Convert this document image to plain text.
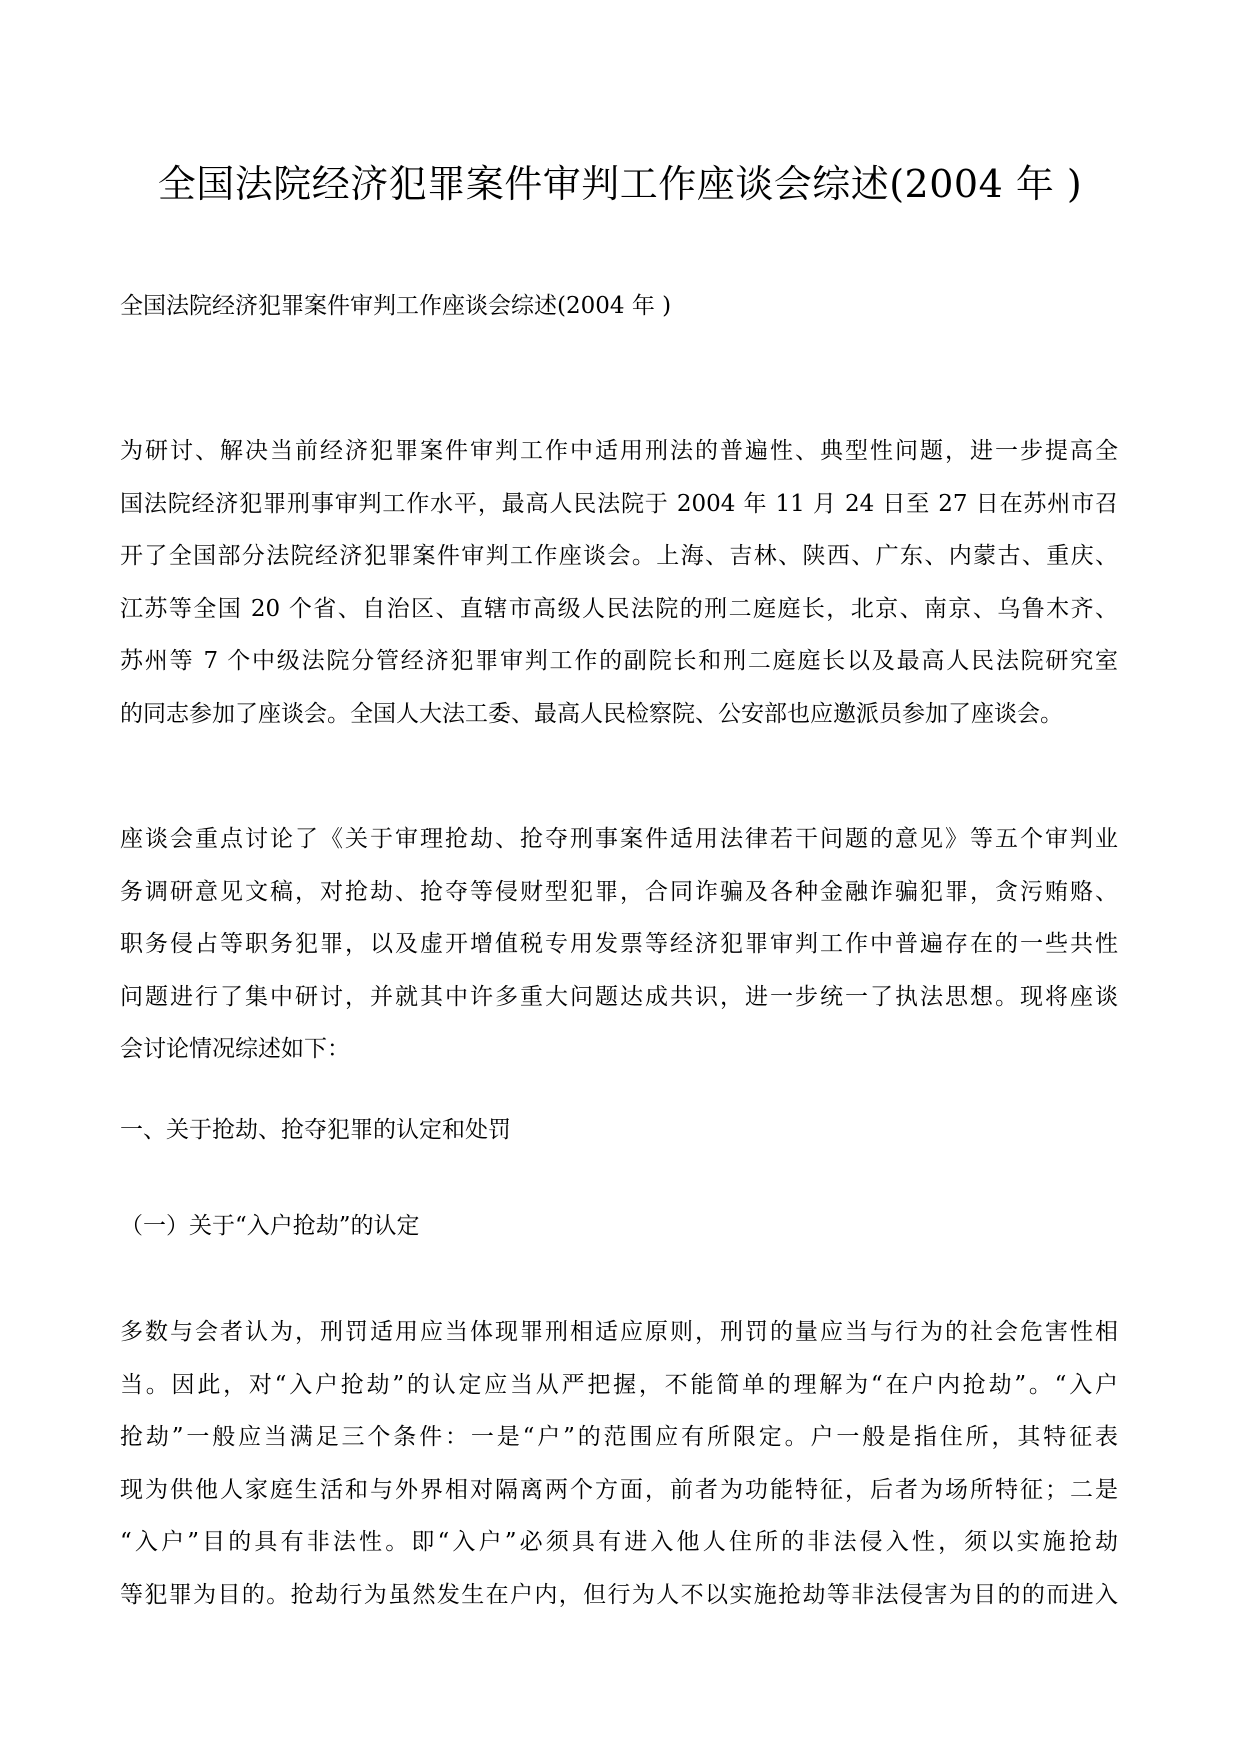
全国法院经济犯罪案件审判工作座谈会综述(2004 年 )
全国法院经济犯罪案件审判工作座谈会综述(2004 年 )
为研讨、解决当前经济犯罪案件审判工作中适用刑法的普遍性、典型性问题，进一步提高全
国法院经济犯罪刑事审判工作水平，最高人民法院于 2004 年 11 月 24 日至 27 日在苏州市召
开了全国部分法院经济犯罪案件审判工作座谈会。上海、吉林、陕西、广东、内蒙古、重庆、
江苏等全国 20 个省、自治区、直辖市高级人民法院的刑二庭庭长，北京、南京、乌鲁木齐、
苏州等 7 个中级法院分管经济犯罪审判工作的副院长和刑二庭庭长以及最高人民法院研究室
的同志参加了座谈会。全国人大法工委、最高人民检察院、公安部也应邀派员参加了座谈会。
座谈会重点讨论了《关于审理抢劫、抢夺刑事案件适用法律若干问题的意见》等五个审判业
务调研意见文稿，对抢劫、抢夺等侵财型犯罪，合同诈骗及各种金融诈骗犯罪，贪污贿赂、
职务侵占等职务犯罪，以及虚开增值税专用发票等经济犯罪审判工作中普遍存在的一些共性
问题进行了集中研讨，并就其中许多重大问题达成共识，进一步统一了执法思想。现将座谈
会讨论情况综述如下：
一、关于抢劫、抢夺犯罪的认定和处罚
（一）关于“入户抢劫”的认定
多数与会者认为，刑罚适用应当体现罪刑相适应原则，刑罚的量应当与行为的社会危害性相
当。因此，对“入户抢劫”的认定应当从严把握，不能简单的理解为“在户内抢劫”。“入户
抢劫”一般应当满足三个条件：一是“户”的范围应有所限定。户一般是指住所，其特征表
现为供他人家庭生活和与外界相对隔离两个方面，前者为功能特征，后者为场所特征；二是
“入户”目的具有非法性。即“入户”必须具有进入他人住所的非法侵入性，须以实施抢劫
等犯罪为目的。抢劫行为虽然发生在户内，但行为人不以实施抢劫等非法侵害为目的的而进入
